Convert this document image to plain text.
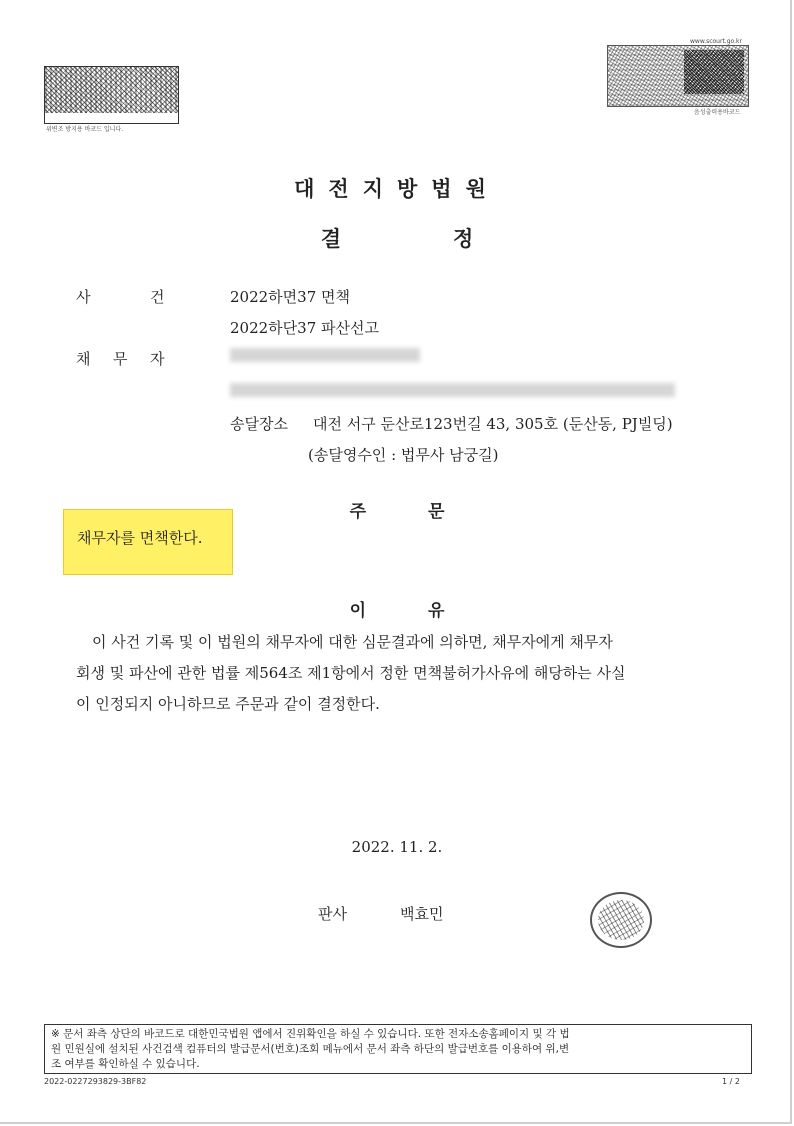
위변조 방지용 바코드 입니다.
www.scourt.go.kr
음성출력용바코드
대전지방법원
결	정
사	건	2022하면37 면책
2022하단37 파산선고
채 무 자
송달장소 대전 서구 둔산로123번길 43, 305호 (둔산동, PJ빌딩)
(송달영수인 : 법무사 남궁길)
주	문
채무자를 면책한다.
이	유

이 사건 기록 및 이 법원의 채무자에 대한 심문결과에 의하면, 채무자에게 채무자

회생 및 파산에 관한 법률 제564조 제1항에서 정한 면책불허가사유에 해당하는 사실

이 인정되지 아니하므로 주문과 같이 결정한다.

2022. 11. 2.
판사	백효민
※ 문서 좌측 상단의 바코드로 대한민국법원 앱에서 진위확인을 하실 수 있습니다. 또한 전자소송홈페이지 및 각 법
원 민원실에 설치된 사건검색 컴퓨터의 발급문서(번호)조회 메뉴에서 문서 좌측 하단의 발급번호를 이용하여 위,변
조 여부를 확인하실 수 있습니다.
2022-0227293829-3BF82	1 / 2
